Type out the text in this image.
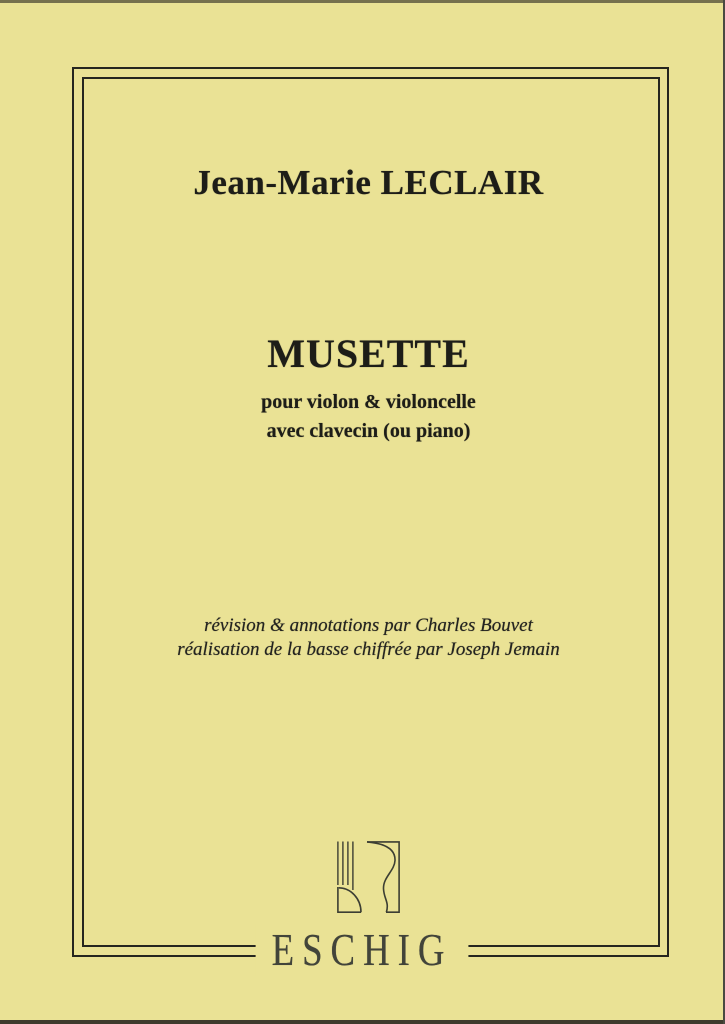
Jean-Marie LECLAIR
MUSETTE
pour violon & violoncelle
avec clavecin (ou piano)
révision & annotations par Charles Bouvet
réalisation de la basse chiffrée par Joseph Jemain
ESCHIG
